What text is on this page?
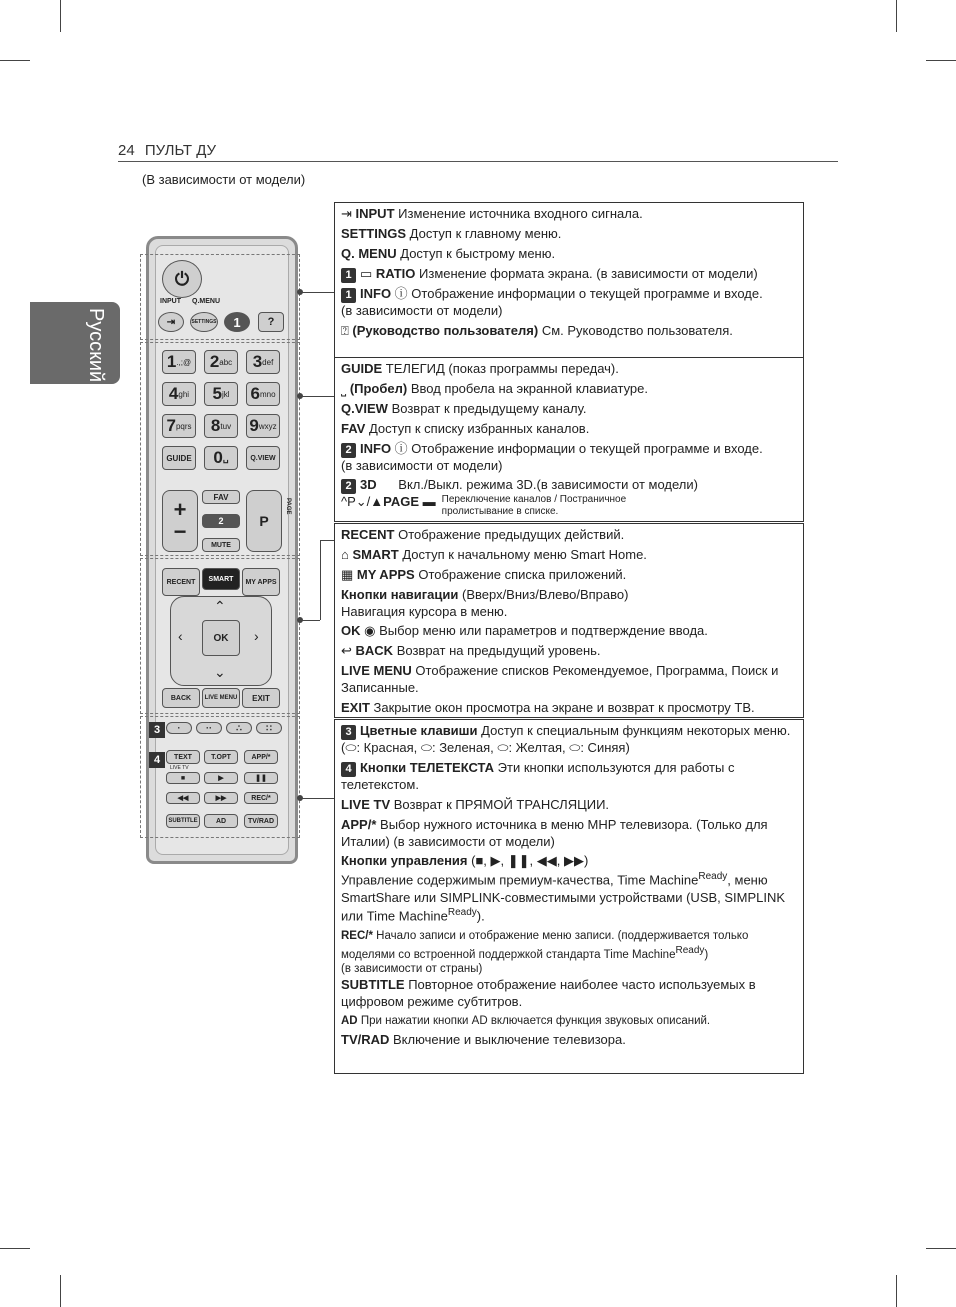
24 ПУЛЬТ ДУ
(В зависимости от модели)
Русский
⏻
INPUT Q.MENU
⇥	SETTINGS	1	?
1 .,;@ 2 abc 3 def
4 ghi 5 jkl 6 mno
7 pqrs 8 tuv 9 wxyz
GUIDE 0 ␣	Q.VIEW
+
−
FAV
2
MUTE
P
PAGE
RECENT	SMART	MY APPS
⌃
⌄
‹	›
OK
BACK	LIVE MENU	EXIT
3	·	··	∴	∷
4	TEXT
LIVE TV
T.OPT	APP/*
■	▶	❚❚
◀◀	▶▶	REC/*
SUBTITLE	AD	TV/RAD

⇥ INPUT Изменение источника входного сигнала.

SETTINGS Доступ к главному меню.

Q. MENU Доступ к быстрому меню.

1 ▭ RATIO Изменение формата экрана. (в зависимости от модели)

1 INFO ⓘ Отображение информации о текущей программе и входе.
(в зависимости от модели)

⍰ (Руководство пользователя) См. Руководство пользователя.

GUIDE ТЕЛЕГИД (показ программы передач).

⎵ (Пробел) Ввод пробела на экранной клавиатуре.

Q.VIEW Возврат к предыдущему каналу.

FAV Доступ к списку избранных каналов.

2 INFO ⓘ Отображение информации о текущей программе и входе.
(в зависимости от модели)

2 3D Вкл./Выкл. режима 3D.(в зависимости от модели)

^P⌄/▲PAGE ▬ Переключение каналов / Постраничное
пролистывание в списке.

RECENT Отображение предыдущих действий.

⌂ SMART Доступ к начальному меню Smart Home.

▦ MY APPS Отображение списка приложений.

Кнопки навигации (Вверх/Вниз/Влево/Вправо)

Навигация курсора в меню.

OK ◉ Выбор меню или параметров и подтверждение ввода.

↩ BACK Возврат на предыдущий уровень.

LIVE MENU Отображение списков Рекомендуемое, Программа, Поиск и Записанные.

EXIT Закрытие окон просмотра на экране и возврат к просмотру ТВ.

3 Цветные клавиши Доступ к специальным функциям некоторых меню.
(⬭: Красная, ⬭: Зеленая, ⬭: Желтая, ⬭: Синяя)

4 Кнопки ТЕЛЕТЕКСТА Эти кнопки используются для работы с телетекстом.

LIVE TV Возврат к ПРЯМОЙ ТРАНСЛЯЦИИ.

APP/* Выбор нужного источника в меню MHP телевизора. (Только для Италии) (в зависимости от модели)

Кнопки управления (■, ▶, ❚❚, ◀◀, ▶▶)

Управление содержимым премиум-качества, Time Machine$^{Ready}$, меню SmartShare или SIMPLINK-совместимыми устройствами (USB, SIMPLINK или Time Machine$^{Ready}$).

REC/* Начало записи и отображение меню записи. (поддерживается только моделями со встроенной поддержкой стандарта Time Machine$^{Ready}$)

(в зависимости от страны)

SUBTITLE Повторное отображение наиболее часто используемых в цифровом режиме субтитров.

AD При нажатии кнопки AD включается функция звуковых описаний.

TV/RAD Включение и выключение телевизора.
